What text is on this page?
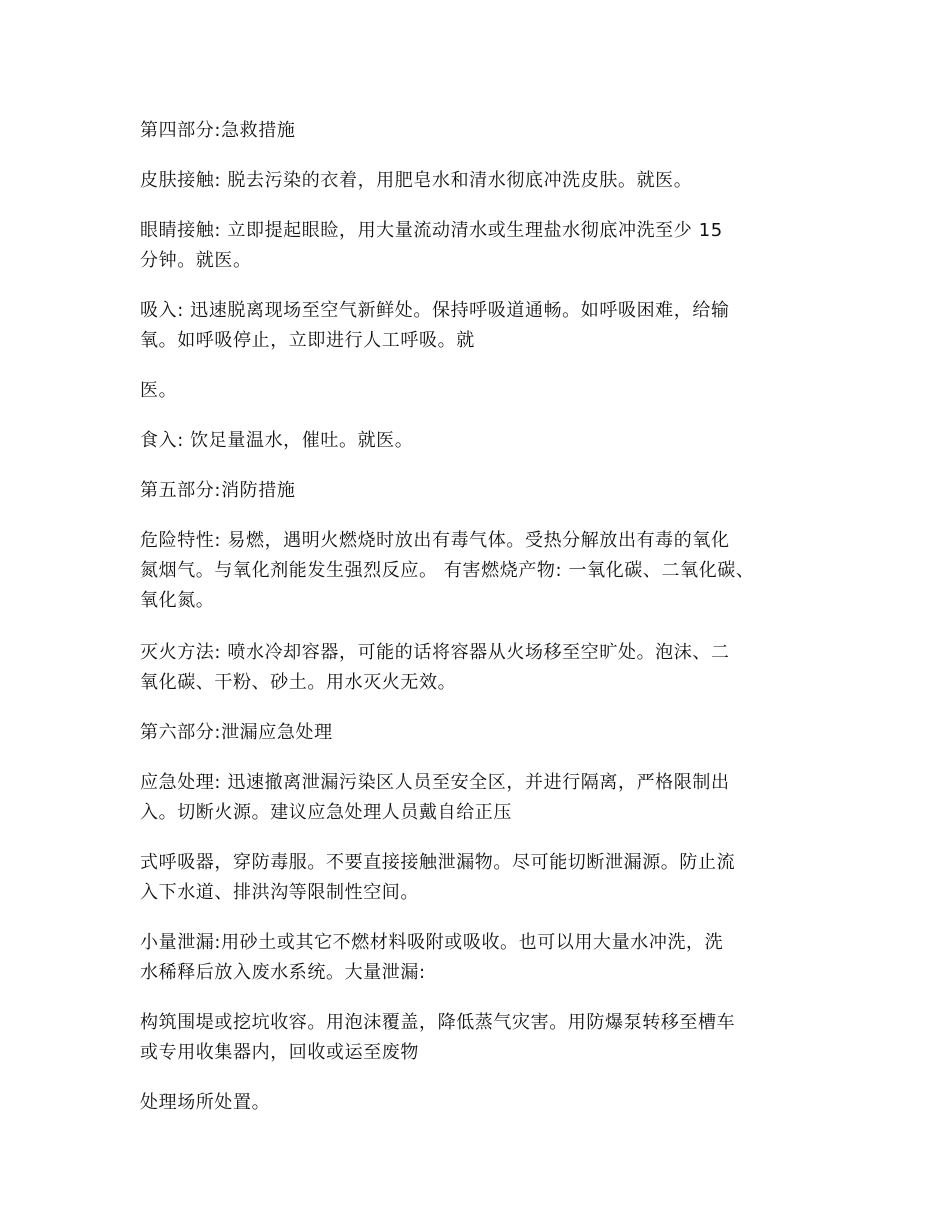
第四部分:急救措施

皮肤接触: 脱去污染的衣着，用肥皂水和清水彻底冲洗皮肤。就医。

眼睛接触: 立即提起眼睑，用大量流动清水或生理盐水彻底冲洗至少 15
分钟。就医。

吸入: 迅速脱离现场至空气新鲜处。保持呼吸道通畅。如呼吸困难，给输
氧。如呼吸停止，立即进行人工呼吸。就

医。

食入: 饮足量温水，催吐。就医。

第五部分:消防措施

危险特性: 易燃，遇明火燃烧时放出有毒气体。受热分解放出有毒的氧化
氮烟气。与氧化剂能发生强烈反应。 有害燃烧产物: 一氧化碳、二氧化碳、
氧化氮。

灭火方法: 喷水冷却容器，可能的话将容器从火场移至空旷处。泡沫、二
氧化碳、干粉、砂土。用水灭火无效。

第六部分:泄漏应急处理

应急处理: 迅速撤离泄漏污染区人员至安全区，并进行隔离，严格限制出
入。切断火源。建议应急处理人员戴自给正压

式呼吸器，穿防毒服。不要直接接触泄漏物。尽可能切断泄漏源。防止流
入下水道、排洪沟等限制性空间。

小量泄漏:用砂土或其它不燃材料吸附或吸收。也可以用大量水冲洗，洗
水稀释后放入废水系统。大量泄漏:

构筑围堤或挖坑收容。用泡沫覆盖，降低蒸气灾害。用防爆泵转移至槽车
或专用收集器内，回收或运至废物

处理场所处置。
